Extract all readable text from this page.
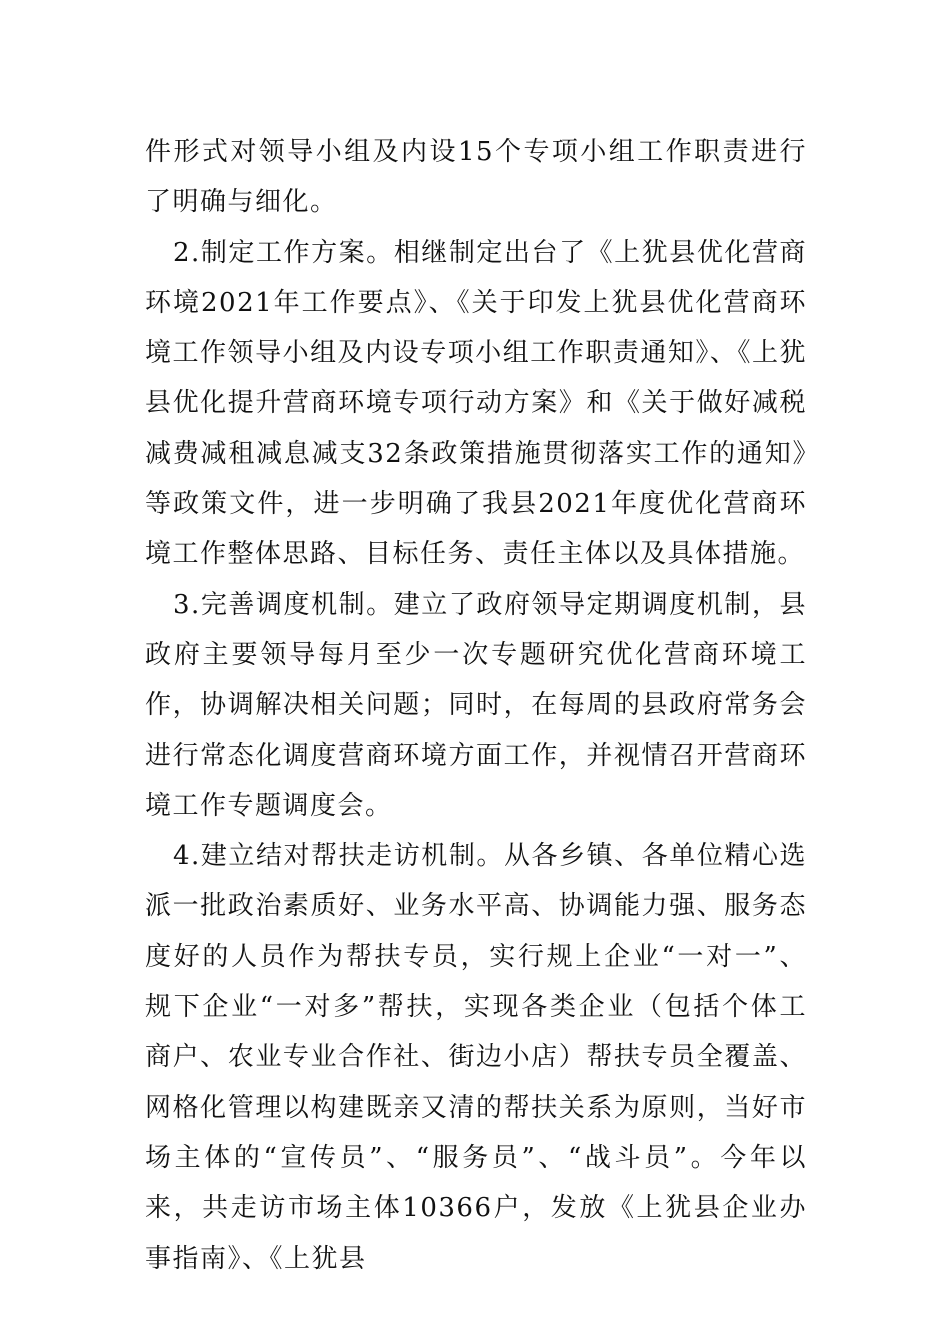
件形式对领导小组及内设15个专项小组工作职责进行了明确与细化。

2.制定工作方案。相继制定出台了《上犹县优化营商环境2021年工作要点》、《关于印发上犹县优化营商环境工作领导小组及内设专项小组工作职责通知》、《上犹县优化提升营商环境专项行动方案》和《关于做好减税减费减租减息减支32条政策措施贯彻落实工作的通知》等政策文件，进一步明确了我县2021年度优化营商环境工作整体思路、目标任务、责任主体以及具体措施。

3.完善调度机制。建立了政府领导定期调度机制，县政府主要领导每月至少一次专题研究优化营商环境工作，协调解决相关问题；同时，在每周的县政府常务会进行常态化调度营商环境方面工作，并视情召开营商环境工作专题调度会。

4.建立结对帮扶走访机制。从各乡镇、各单位精心选派一批政治素质好、业务水平高、协调能力强、服务态度好的人员作为帮扶专员，实行规上企业“一对一”、规下企业“一对多”帮扶，实现各类企业（包括个体工商户、农业专业合作社、街边小店）帮扶专员全覆盖、网格化管理以构建既亲又清的帮扶关系为原则，当好市场主体的“宣传员”、“服务员”、“战斗员”。今年以来，共走访市场主体10366户，发放《上犹县企业办事指南》、《上犹县
